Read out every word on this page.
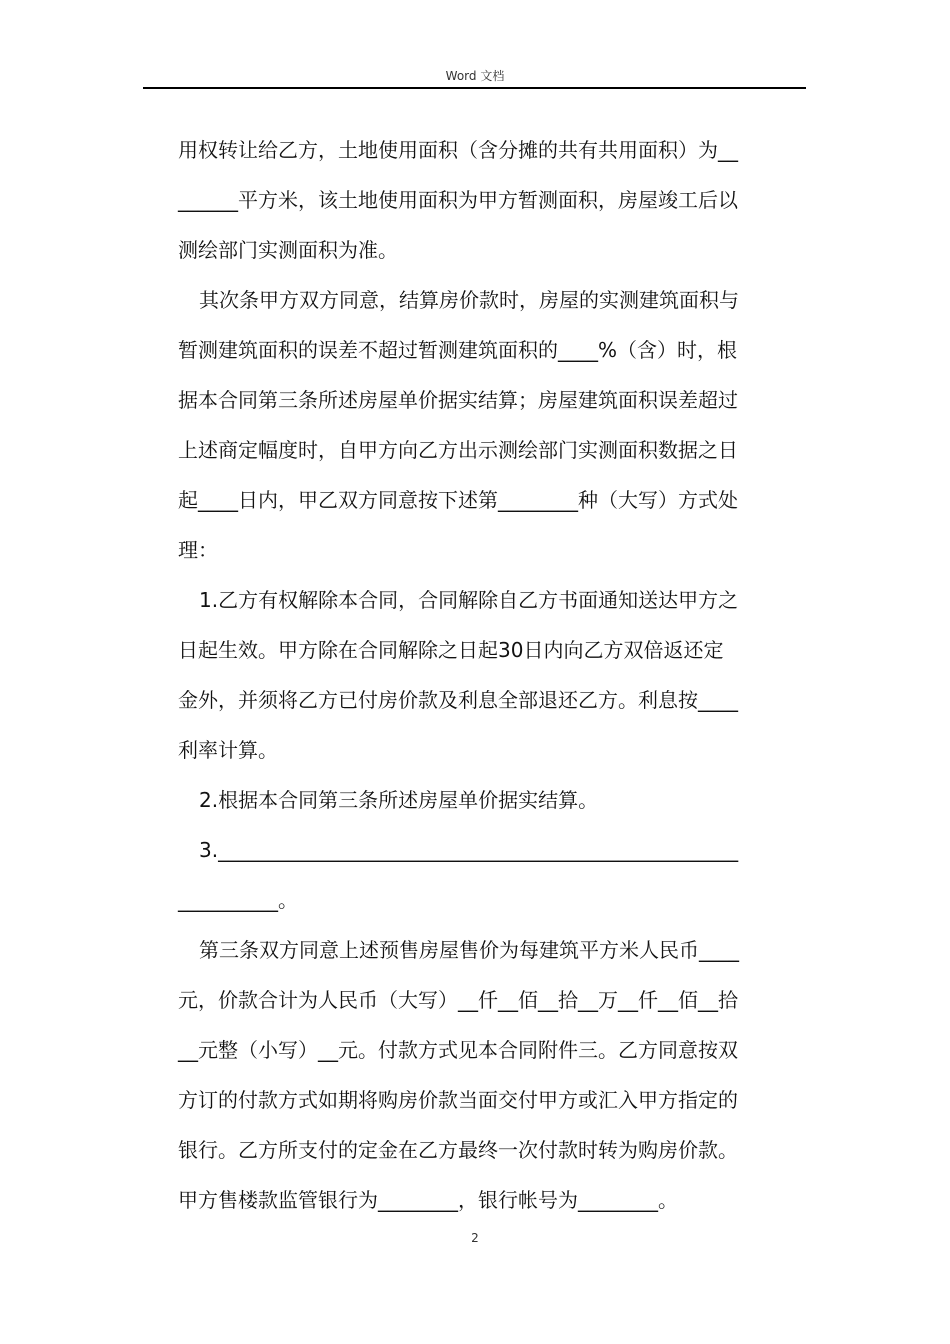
Word 文档
用权转让给乙方，土地使用面积（含分摊的共有共用面积）为__
______平方米，该土地使用面积为甲方暂测面积，房屋竣工后以
测绘部门实测面积为准。
其次条甲方双方同意，结算房价款时，房屋的实测建筑面积与
暂测建筑面积的误差不超过暂测建筑面积的____%（含）时，根
据本合同第三条所述房屋单价据实结算；房屋建筑面积误差超过
上述商定幅度时，自甲方向乙方出示测绘部门实测面积数据之日
起____日内，甲乙双方同意按下述第________种（大写）方式处
理：
1.乙方有权解除本合同，合同解除自乙方书面通知送达甲方之
日起生效。甲方除在合同解除之日起30日内向乙方双倍返还定
金外，并须将乙方已付房价款及利息全部退还乙方。利息按____
利率计算。
2.根据本合同第三条所述房屋单价据实结算。
3.____________________________________________________
__________。
第三条双方同意上述预售房屋售价为每建筑平方米人民币____
元，价款合计为人民币（大写）__仟__佰__拾__万__仟__佰__拾
__元整（小写）__元。付款方式见本合同附件三。乙方同意按双
方订的付款方式如期将购房价款当面交付甲方或汇入甲方指定的
银行。乙方所支付的定金在乙方最终一次付款时转为购房价款。
甲方售楼款监管银行为________，银行帐号为________。
2
